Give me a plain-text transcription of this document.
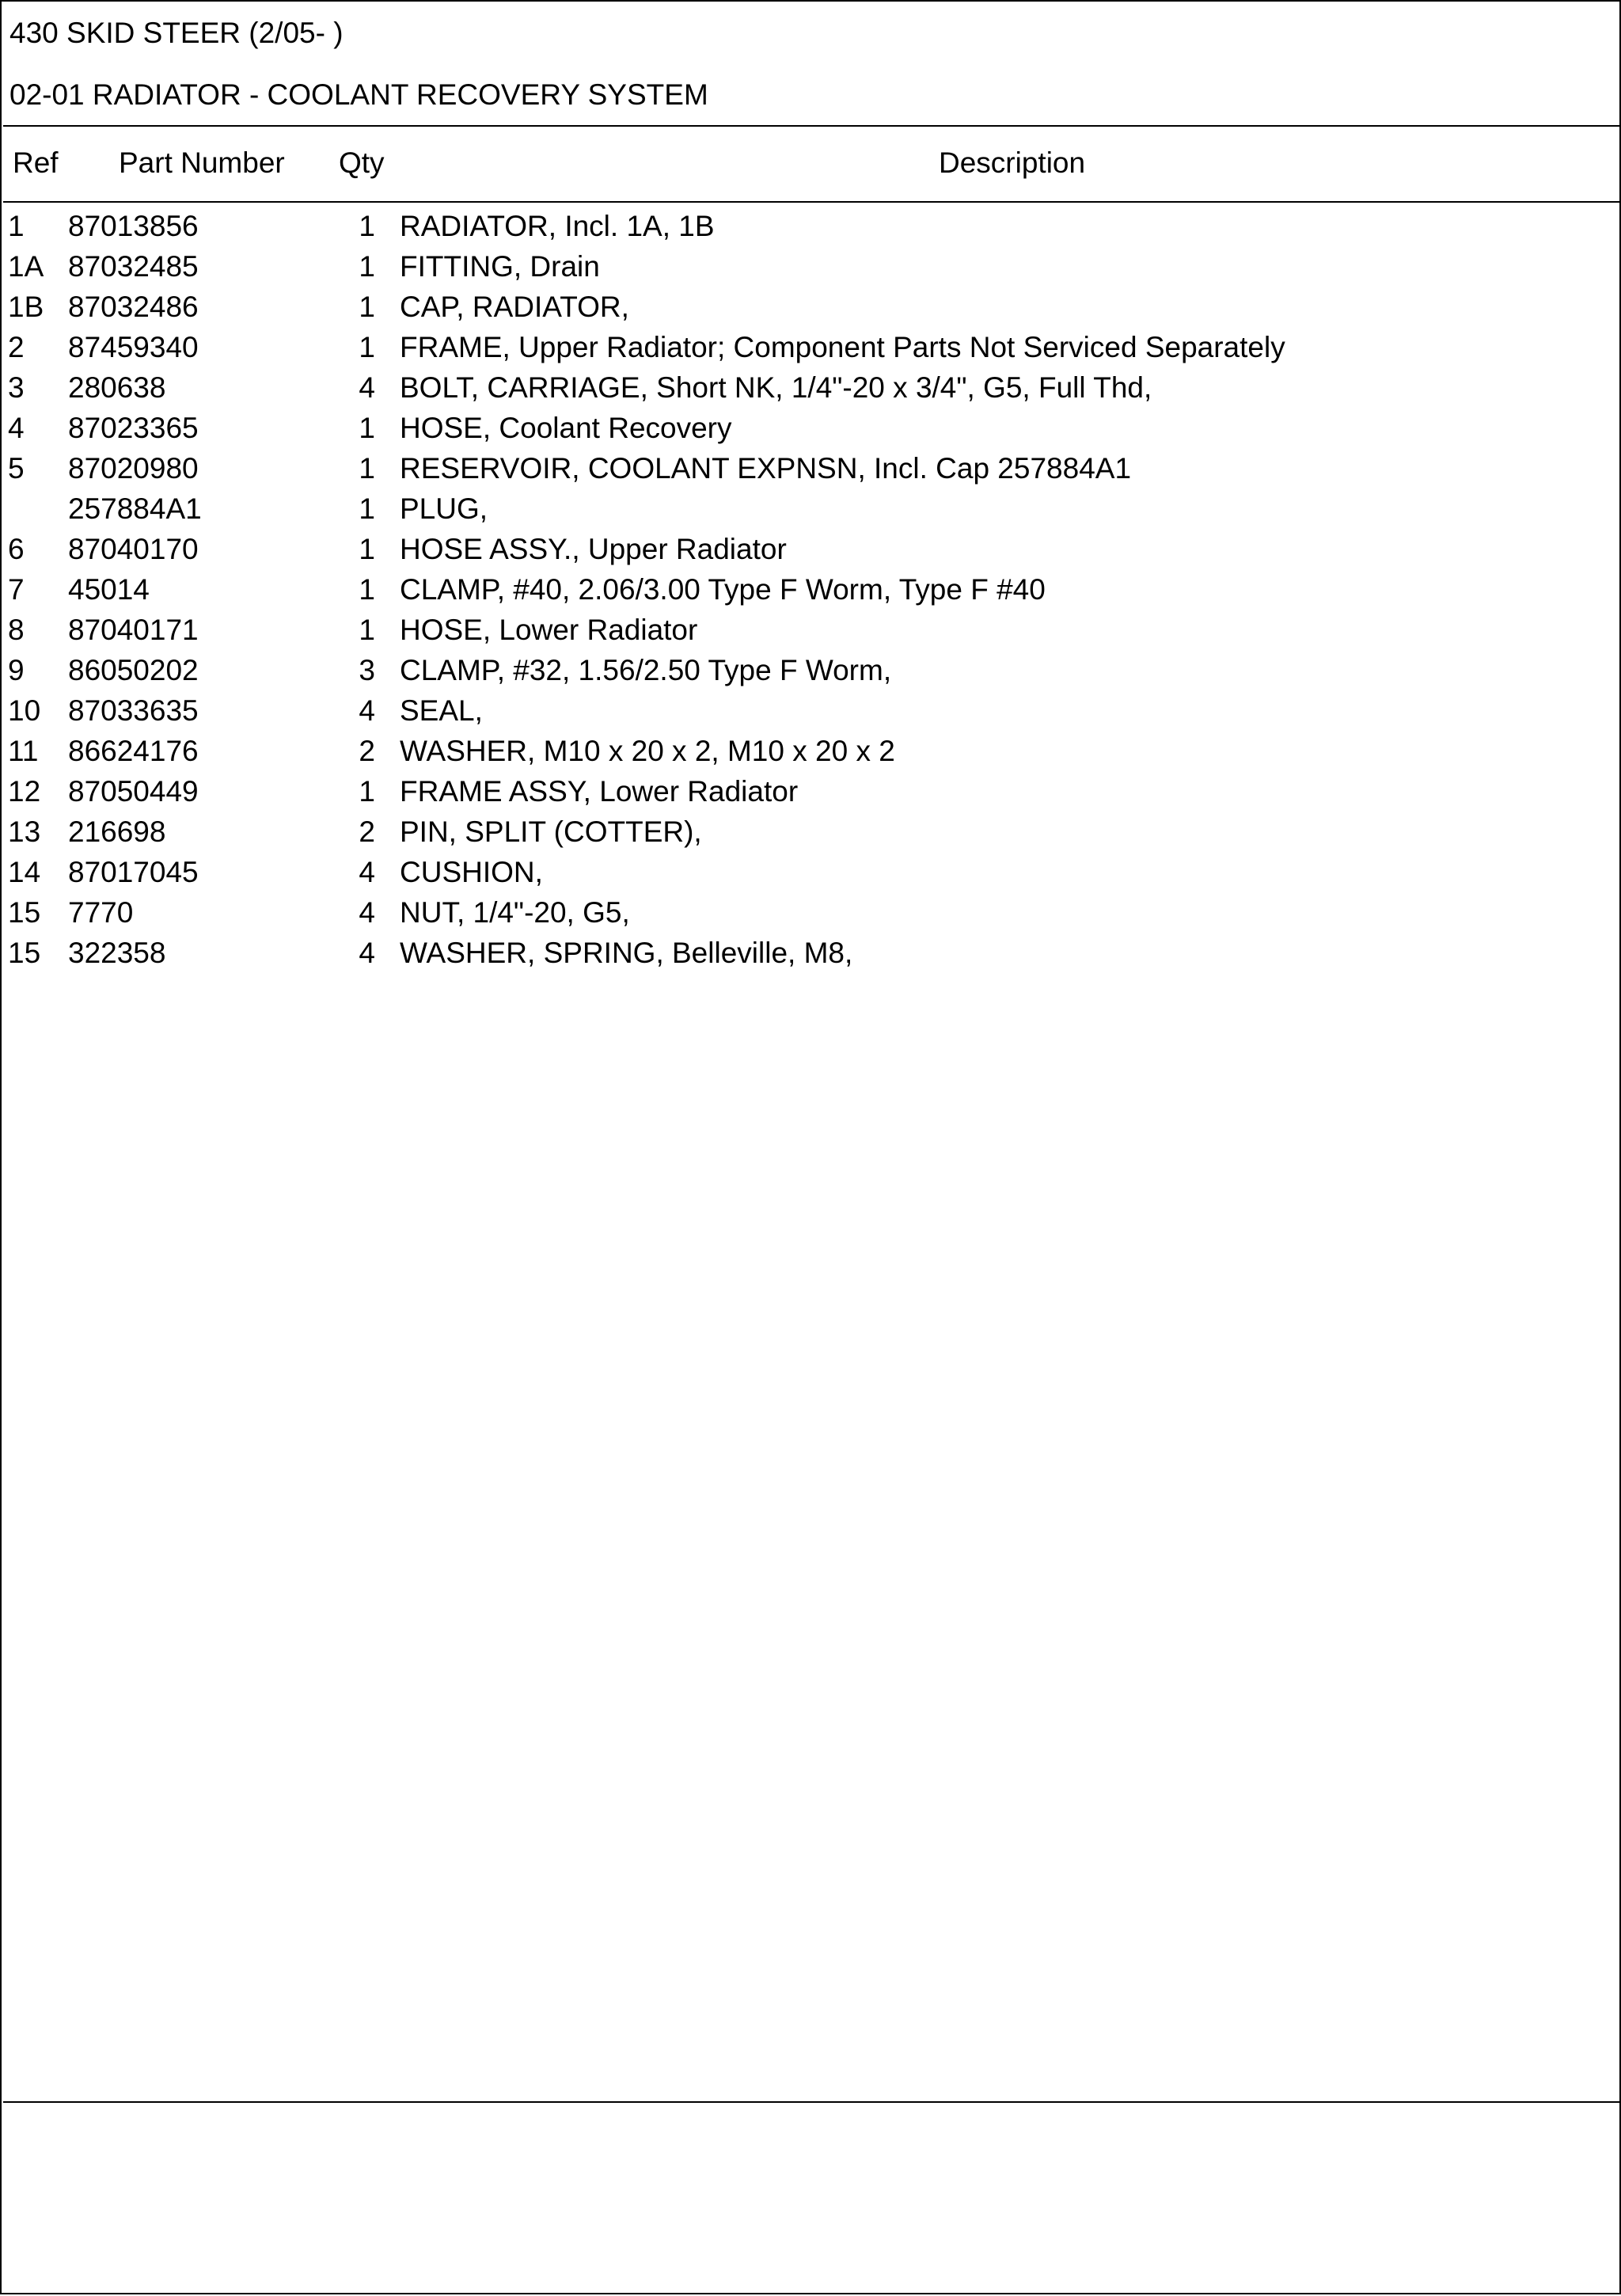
430 SKID STEER (2/05- )
02-01 RADIATOR - COOLANT RECOVERY SYSTEM
Ref Part Number Qty	Description
1 87013856	1 RADIATOR, Incl. 1A, 1B
1A 87032485	1 FITTING, Drain
1B 87032486	1 CAP, RADIATOR,
2 87459340	1 FRAME, Upper Radiator; Component Parts Not Serviced Separately
3 280638	4 BOLT, CARRIAGE, Short NK, 1/4"-20 x 3/4", G5, Full Thd,
4 87023365	1 HOSE, Coolant Recovery
5 87020980	1 RESERVOIR, COOLANT EXPNSN, Incl. Cap 257884A1
257884A1	1 PLUG,
6 87040170	1 HOSE ASSY., Upper Radiator
7 45014	1 CLAMP, #40, 2.06/3.00 Type F Worm, Type F #40
8 87040171	1 HOSE, Lower Radiator
9 86050202	3 CLAMP, #32, 1.56/2.50 Type F Worm,
10 87033635	4 SEAL,
11 86624176	2 WASHER, M10 x 20 x 2, M10 x 20 x 2
12 87050449	1 FRAME ASSY, Lower Radiator
13 216698	2 PIN, SPLIT (COTTER),
14 87017045	4 CUSHION,
15 7770	4 NUT, 1/4"-20, G5,
15 322358	4 WASHER, SPRING, Belleville, M8,
